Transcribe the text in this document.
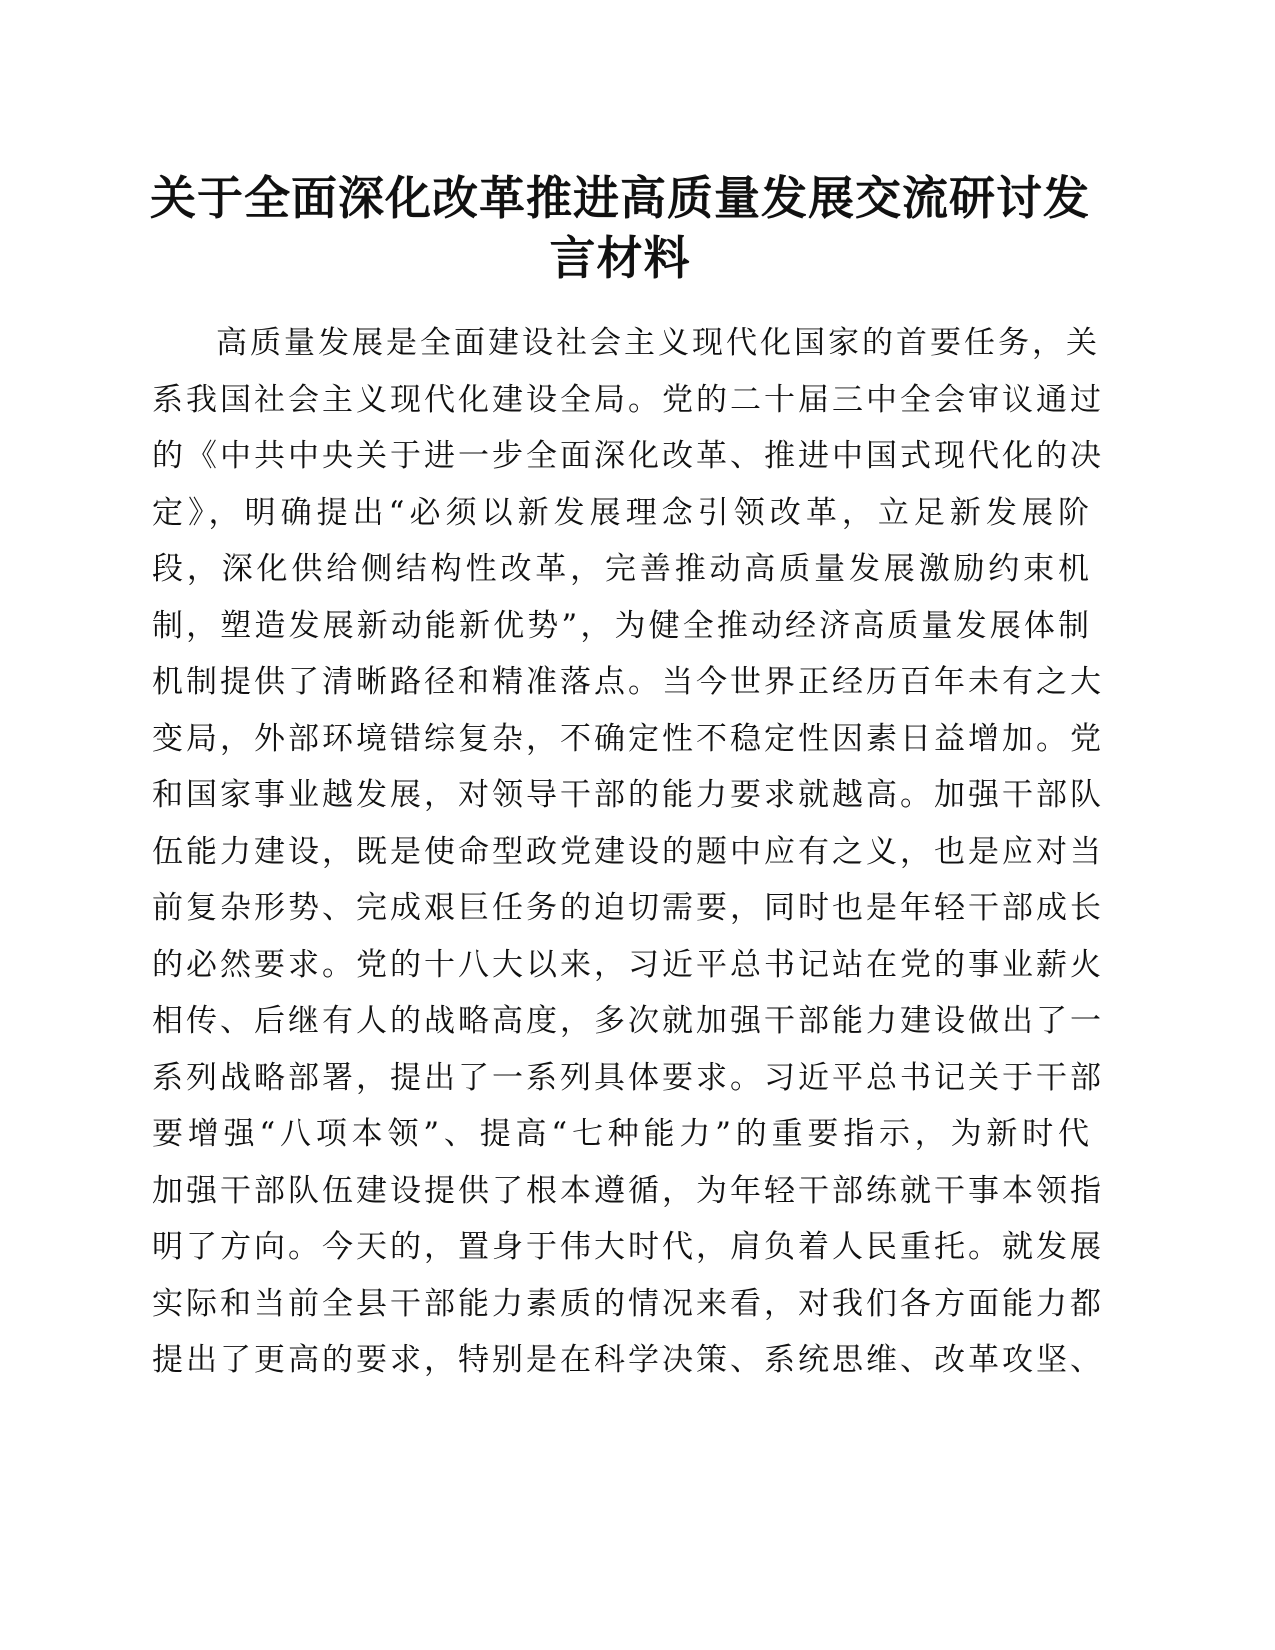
关于全面深化改革推进高质量发展交流研讨发
言材料
高质量发展是全面建设社会主义现代化国家的首要任务，关
系我国社会主义现代化建设全局。党的二十届三中全会审议通过
的《中共中央关于进一步全面深化改革、推进中国式现代化的决
定》，明确提出“必须以新发展理念引领改革，立足新发展阶
段，深化供给侧结构性改革，完善推动高质量发展激励约束机
制，塑造发展新动能新优势”，为健全推动经济高质量发展体制
机制提供了清晰路径和精准落点。当今世界正经历百年未有之大
变局，外部环境错综复杂，不确定性不稳定性因素日益增加。党
和国家事业越发展，对领导干部的能力要求就越高。加强干部队
伍能力建设，既是使命型政党建设的题中应有之义，也是应对当
前复杂形势、完成艰巨任务的迫切需要，同时也是年轻干部成长
的必然要求。党的十八大以来，习近平总书记站在党的事业薪火
相传、后继有人的战略高度，多次就加强干部能力建设做出了一
系列战略部署，提出了一系列具体要求。习近平总书记关于干部
要增强“八项本领”、提高“七种能力”的重要指示，为新时代
加强干部队伍建设提供了根本遵循，为年轻干部练就干事本领指
明了方向。今天的，置身于伟大时代，肩负着人民重托。就发展
实际和当前全县干部能力素质的情况来看，对我们各方面能力都
提出了更高的要求，特别是在科学决策、系统思维、改革攻坚、
